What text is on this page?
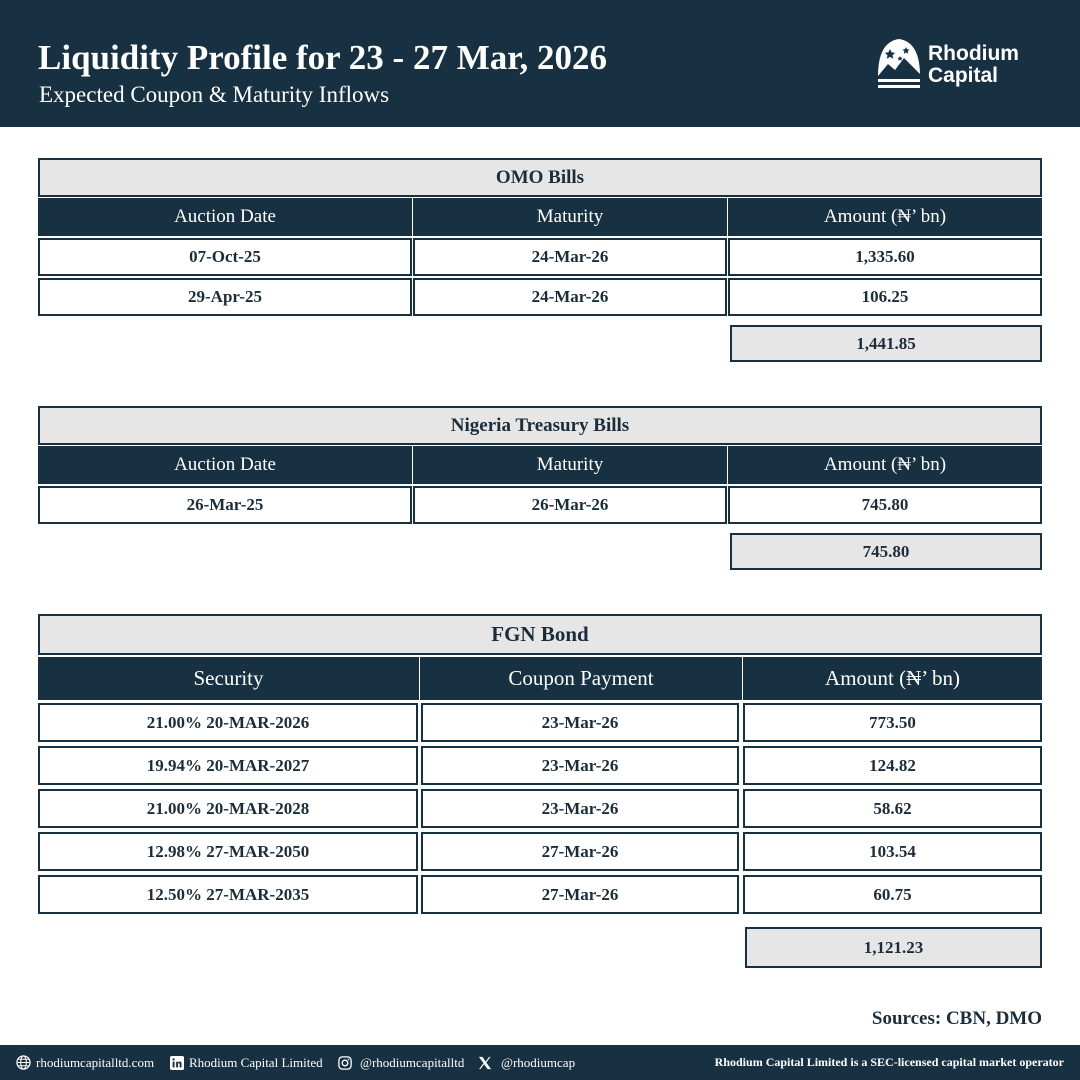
Liquidity Profile for 23 - 27 Mar, 2026
Expected Coupon & Maturity Inflows
Rhodium
Capital
OMO Bills
Auction Date	Maturity	Amount (₦’ bn)
07-Oct-25	24-Mar-26	1,335.60
29-Apr-25	24-Mar-26	106.25
1,441.85
Nigeria Treasury Bills
Auction Date	Maturity	Amount (₦’ bn)
26-Mar-25	26-Mar-26	745.80
745.80
FGN Bond
Security	Coupon Payment	Amount (₦’ bn)
21.00% 20-MAR-2026	23-Mar-26	773.50
19.94% 20-MAR-2027	23-Mar-26	124.82
21.00% 20-MAR-2028	23-Mar-26	58.62
12.98% 27-MAR-2050	27-Mar-26	103.54
12.50% 27-MAR-2035	27-Mar-26	60.75
1,121.23
Sources: CBN, DMO
rhodiumcapitalltd.com	Rhodium Capital Limited	@rhodiumcapitalltd	@rhodiumcap	Rhodium Capital Limited is a SEC-licensed capital market operator
